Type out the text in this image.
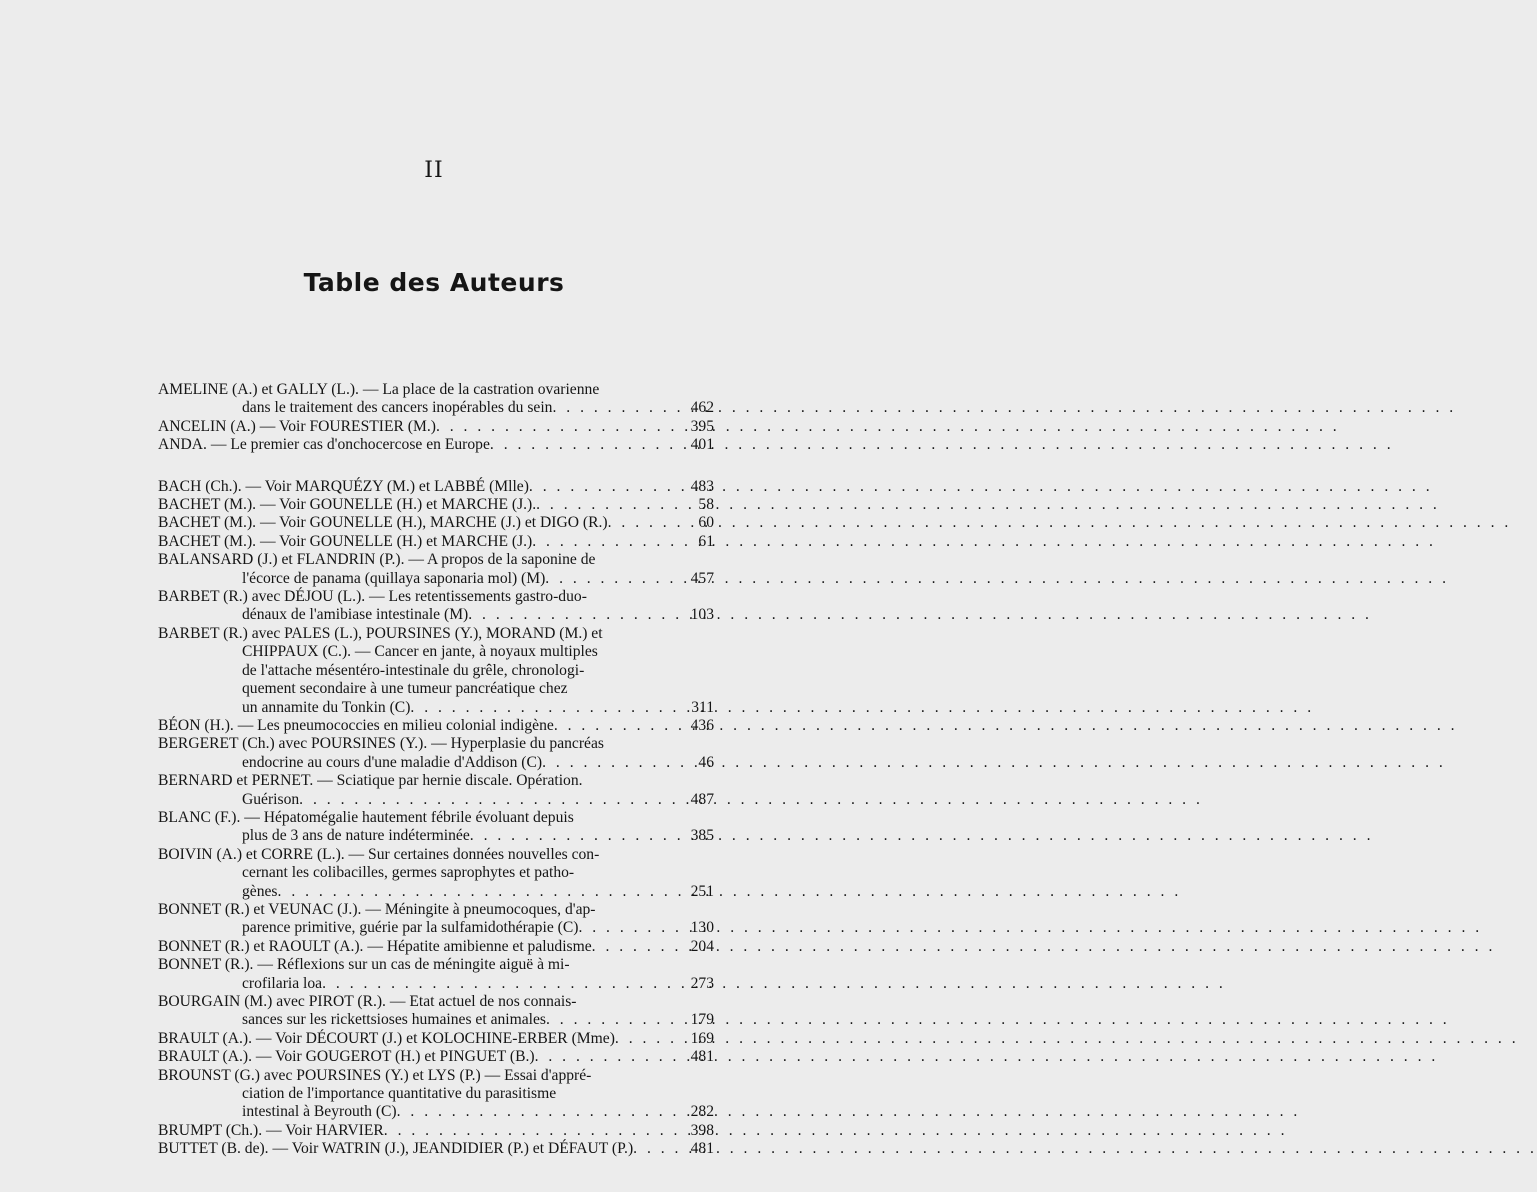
II
Table des Auteurs
AMELINE (A.) et GALLY (L.). — La place de la castration ovarienne
dans le traitement des cancers inopérables du sein . . .	462
ANCELIN (A.) — Voir FOURESTIER (M.) . . .	395
ANDA. — Le premier cas d'onchocercose en Europe . . .	401
BACH (Ch.). — Voir MARQUÉZY (M.) et LABBÉ (Mlle) . . .	483
BACHET (M.). — Voir GOUNELLE (H.) et MARCHE (J.). . . .	58
BACHET (M.). — Voir GOUNELLE (H.), MARCHE (J.) et DIGO (R.) . . .	60
BACHET (M.). — Voir GOUNELLE (H.) et MARCHE (J.) . . .	61
BALANSARD (J.) et FLANDRIN (P.). — A propos de la saponine de
l'écorce de panama (quillaya saponaria mol) (M) . . .	457
BARBET (R.) avec DÉJOU (L.). — Les retentissements gastro-duo-
dénaux de l'amibiase intestinale (M) . . .	103
BARBET (R.) avec PALES (L.), POURSINES (Y.), MORAND (M.) et
CHIPPAUX (C.). — Cancer en jante, à noyaux multiples
de l'attache mésentéro-intestinale du grêle, chronologi-
quement secondaire à une tumeur pancréatique chez
un annamite du Tonkin (C) . . .	311
BÉON (H.). — Les pneumococcies en milieu colonial indigène . . .	436
BERGERET (Ch.) avec POURSINES (Y.). — Hyperplasie du pancréas
endocrine au cours d'une maladie d'Addison (C) . . .	46
BERNARD et PERNET. — Sciatique par hernie discale. Opération.
Guérison . . .	487
BLANC (F.). — Hépatomégalie hautement fébrile évoluant depuis
plus de 3 ans de nature indéterminée . . .	385
BOIVIN (A.) et CORRE (L.). — Sur certaines données nouvelles con-
cernant les colibacilles, germes saprophytes et patho-
gènes . . .	251
BONNET (R.) et VEUNAC (J.). — Méningite à pneumocoques, d'ap-
parence primitive, guérie par la sulfamidothérapie (C) . . .	130
BONNET (R.) et RAOULT (A.). — Hépatite amibienne et paludisme . . .	204
BONNET (R.). — Réflexions sur un cas de méningite aiguë à mi-
crofilaria loa . . .	273
BOURGAIN (M.) avec PIROT (R.). — Etat actuel de nos connais-
sances sur les rickettsioses humaines et animales . . .	179
BRAULT (A.). — Voir DÉCOURT (J.) et KOLOCHINE-ERBER (Mme) . . .	169
BRAULT (A.). — Voir GOUGEROT (H.) et PINGUET (B.) . . .	481
BROUNST (G.) avec POURSINES (Y.) et LYS (P.) — Essai d'appré-
ciation de l'importance quantitative du parasitisme
intestinal à Beyrouth (C) . . .	282
BRUMPT (Ch.). — Voir HARVIER . . .	398
BUTTET (B. de). — Voir WATRIN (J.), JEANDIDIER (P.) et DÉFAUT (P.) . . .	481
